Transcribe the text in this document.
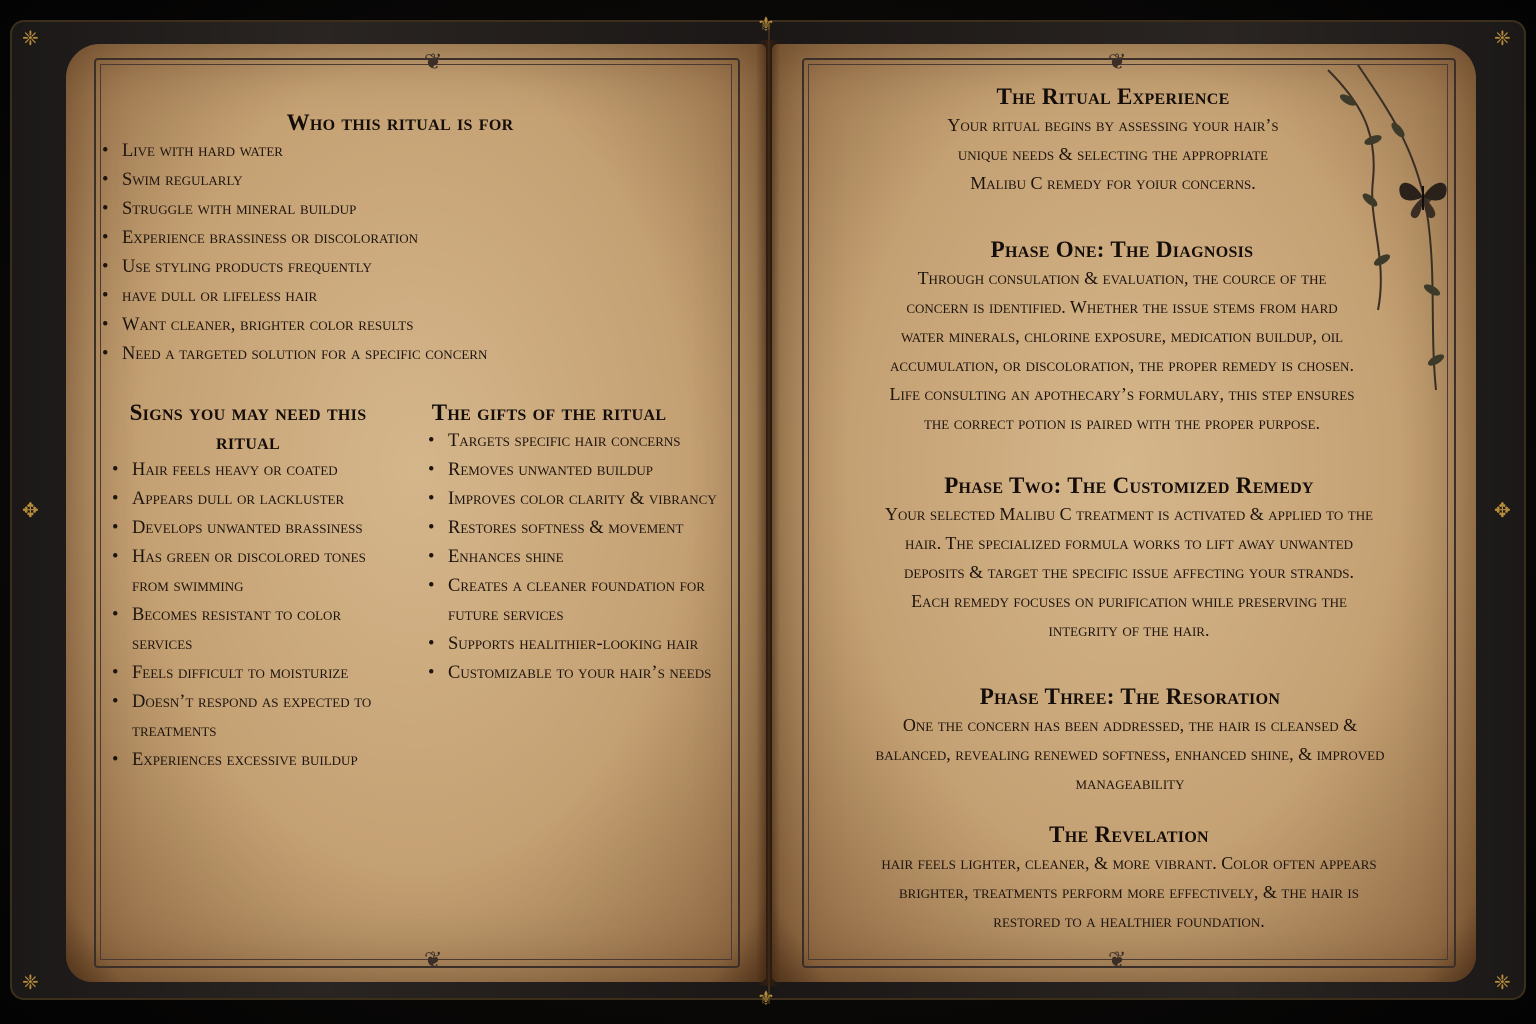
❦	❦
❦	❦
⚜
⚜
✥	✥
❈	❈
❈	❈
Who this ritual is for
• Live with hard water
• Swim regularly
• Struggle with mineral buildup
• Experience brassiness or discoloration
• Use styling products frequently
• have dull or lifeless hair
• Want cleaner, brighter color results
• Need a targeted solution for a specific concern
Signs you may need this
ritual
• Hair feels heavy or coated
• Appears dull or lackluster
• Develops unwanted brassiness
• Has green or discolored tones from swimming
• Becomes resistant to color services
• Feels difficult to moisturize
• Doesn’t respond as expected to treatments
• Experiences excessive buildup
The gifts of the ritual
• Targets specific hair concerns
• Removes unwanted buildup
• Improves color clarity & vibrancy
• Restores softness & movement
• Enhances shine
• Creates a cleaner foundation for future services
• Supports healithier-looking hair
• Customizable to your hair’s needs
The Ritual Experience

Your ritual begins by assessing your hair’s

unique needs & selecting the appropriate

Malibu C remedy for yoiur concerns.

Phase One: The Diagnosis

Through consulation & evaluation, the cource of the

concern is identified. Whether the issue stems from hard

water minerals, chlorine exposure, medication buildup, oil

accumulation, or discoloration, the proper remedy is chosen.

Life consulting an apothecary’s formulary, this step ensures

the correct potion is paired with the proper purpose.

Phase Two: The Customized Remedy

Your selected Malibu C treatment is activated & applied to the

hair. The specialized formula works to lift away unwanted

deposits & target the specific issue affecting your strands.

Each remedy focuses on purification while preserving the

integrity of the hair.

Phase Three: The Resoration

One the concern has been addressed, the hair is cleansed &

balanced, revealing renewed softness, enhanced shine, & improved

manageability

The Revelation

hair feels lighter, cleaner, & more vibrant. Color often appears

brighter, treatments perform more effectively, & the hair is

restored to a healthier foundation.
